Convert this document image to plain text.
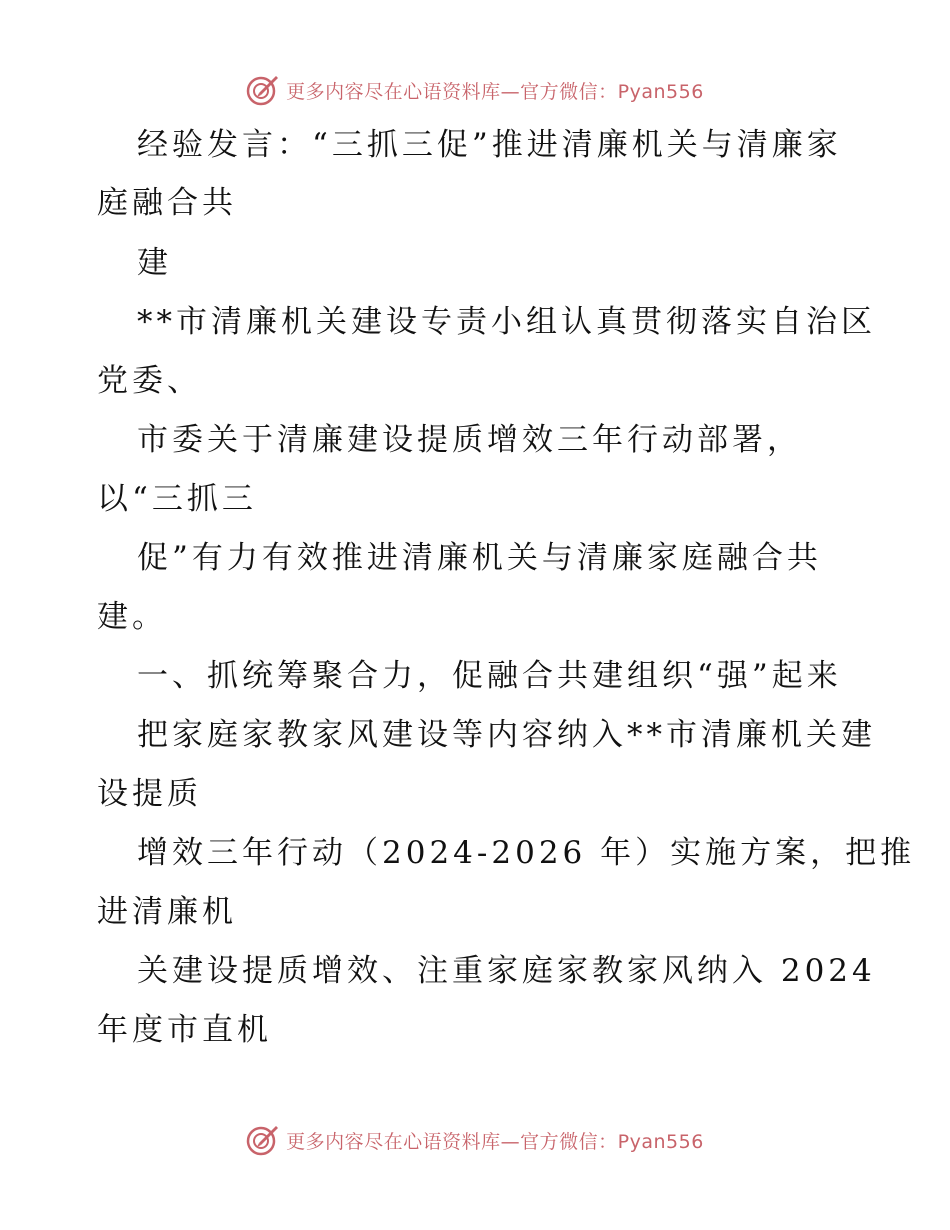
更多内容尽在心语资料库—官方微信：Pyan556
经验发言：“三抓三促”推进清廉机关与清廉家
庭融合共
建
**市清廉机关建设专责小组认真贯彻落实自治区
党委、
市委关于清廉建设提质增效三年行动部署，
以“三抓三
促”有力有效推进清廉机关与清廉家庭融合共
建。
一、抓统筹聚合力，促融合共建组织“强”起来
把家庭家教家风建设等内容纳入**市清廉机关建
设提质
增效三年行动（2024-2026 年）实施方案，把推
进清廉机
关建设提质增效、注重家庭家教家风纳入 2024
年度市直机
更多内容尽在心语资料库—官方微信：Pyan556
